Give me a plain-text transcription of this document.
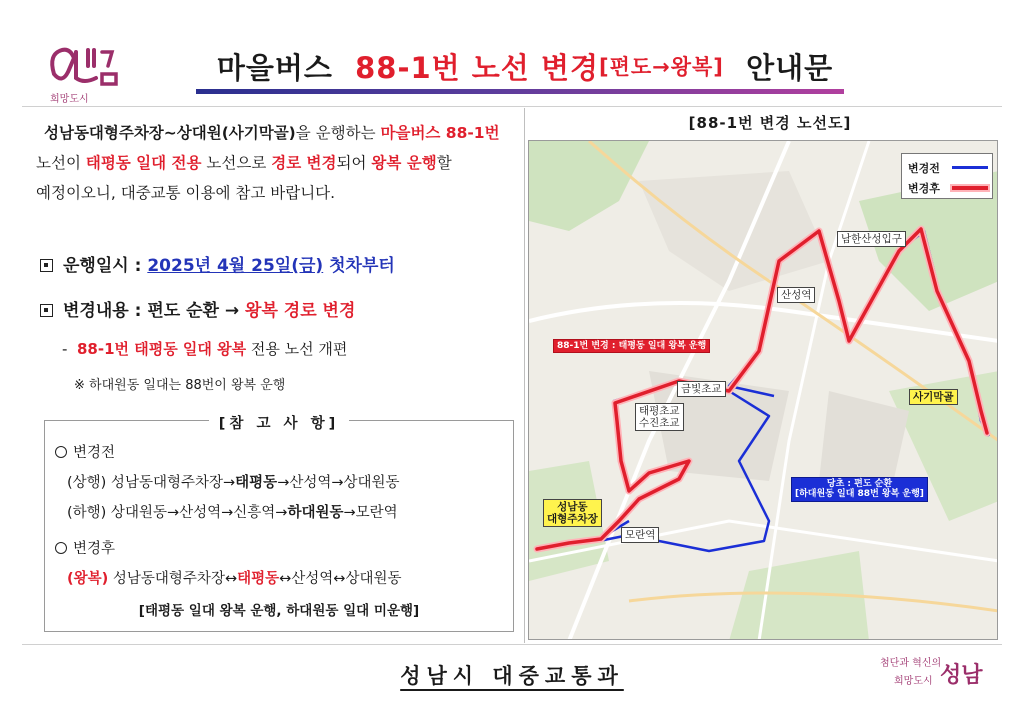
희망도시
마을버스
88-1번
노선
변경 [편도→왕복]
안내문
성남동대형주차장~상대원(사기막골)을 운행하는 마을버스 88-1번
노선이 태평동 일대 전용 노선으로 경로 변경되어 왕복 운행할
예정이오니, 대중교통 이용에 참고 바랍니다.
운행일시 : 2025년 4월 25일(금) 첫차부터
변경내용 : 편도 순환 → 왕복 경로 변경
- 88-1번 태평동 일대 왕복 전용 노선 개편
※ 하대원동 일대는 88번이 왕복 운행
[참 고 사 항]
변경전
(상행) 성남동대형주차장→태평동→산성역→상대원동
(하행) 상대원동→산성역→신흥역→하대원동→모란역
변경후
(왕복) 성남동대형주차장↔태평동↔산성역↔상대원동
[태평동 일대 왕복 운행, 하대원동 일대 미운행]
[88-1번 변경 노선도]
변경전
변경후
남한산성입구
산성역
사기막골
금빛초교
태평초교
수진초교
모란역
성남동
대형주차장
88-1번 변경 : 태평동 일대 왕복 운행
당초 : 편도 순환
[하대원동 일대 88번 왕복 운행]
성남시 대중교통과
첨단과 혁신의
희망도시 성남
